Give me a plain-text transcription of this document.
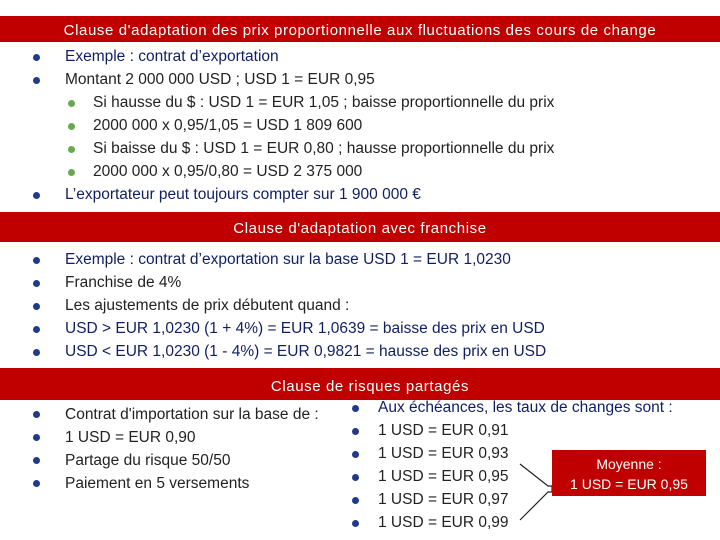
Clause d'adaptation des prix proportionnelle aux fluctuations des cours de change
Exemple : contrat d’exportation
Montant 2 000 000 USD ; USD 1 = EUR 0,95
Si hausse du $ : USD 1 = EUR 1,05 ; baisse proportionnelle du prix
2000 000 x 0,95/1,05 = USD 1 809 600
Si baisse du $ : USD 1 = EUR 0,80 ; hausse proportionnelle du prix
2000 000 x 0,95/0,80 = USD 2 375 000
L’exportateur peut toujours compter sur 1 900 000 €
Clause d'adaptation avec franchise
Exemple : contrat d’exportation sur la base USD 1 = EUR 1,0230
Franchise de 4%
Les ajustements de prix débutent quand :
USD > EUR 1,0230 (1 + 4%) = EUR 1,0639 = baisse des prix en USD
USD < EUR 1,0230 (1 - 4%) = EUR 0,9821 = hausse des prix en USD
Clause de risques partagés
Contrat d'importation sur la base de :
1 USD = EUR 0,90
Partage du risque 50/50
Paiement en 5 versements
Aux échéances, les taux de changes sont :
1 USD = EUR 0,91
1 USD = EUR 0,93
1 USD = EUR 0,95
1 USD = EUR 0,97
1 USD = EUR 0,99
Moyenne :
1 USD = EUR 0,95
